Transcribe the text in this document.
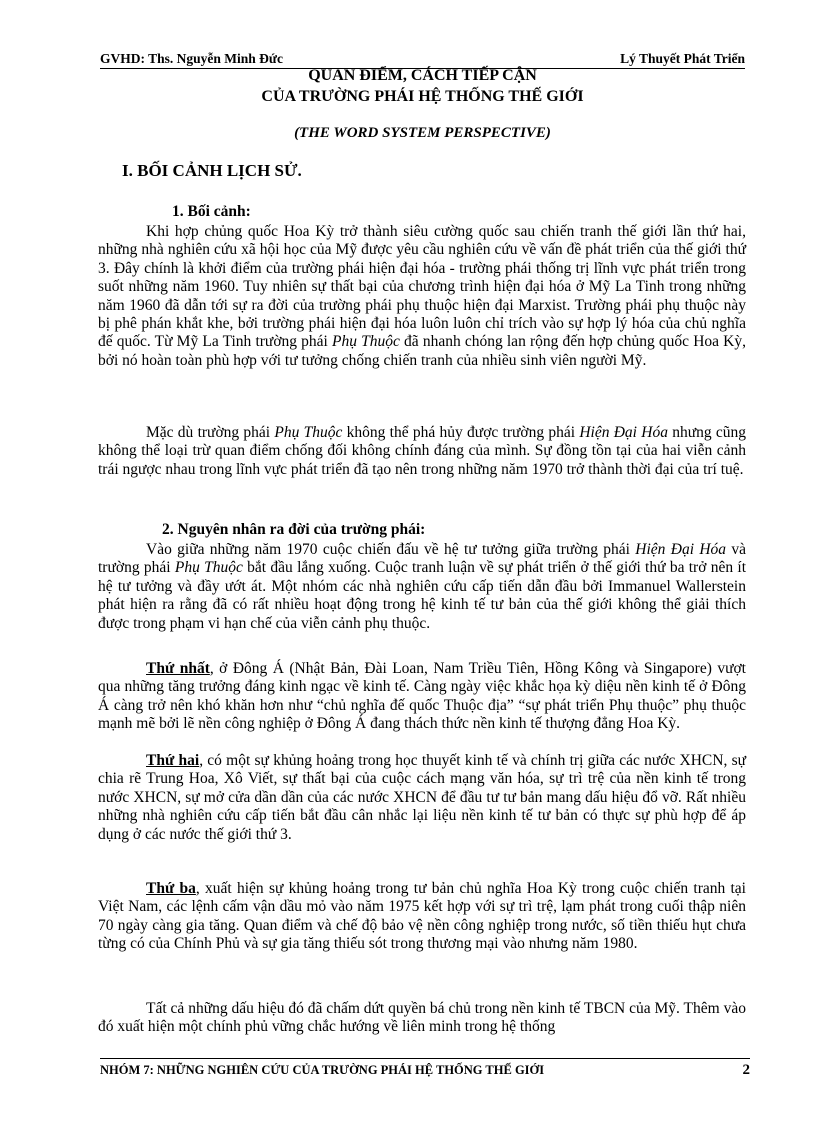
GVHD: Ths. Nguyễn Minh Đức	Lý Thuyết Phát Triển
QUAN ĐIỂM, CÁCH TIẾP CẬN
CỦA TRƯỜNG PHÁI HỆ THỐNG THẾ GIỚI
(THE WORD SYSTEM PERSPECTIVE)
I. BỐI CẢNH LỊCH SỬ.
1. Bối cảnh:

Khi hợp chủng quốc Hoa Kỳ trở thành siêu cường quốc sau chiến tranh thế giới lần thứ hai, những nhà nghiên cứu xã hội học của Mỹ được yêu cầu nghiên cứu về vấn đề phát triển của thế giới thứ 3. Đây chính là khởi điểm của trường phái hiện đại hóa - trường phái thống trị lĩnh vực phát triển trong suốt những năm 1960. Tuy nhiên sự thất bại của chương trình hiện đại hóa ở Mỹ La Tinh trong những năm 1960 đã dẫn tới sự ra đời của trường phái phụ thuộc hiện đại Marxist. Trường phái phụ thuộc này bị phê phán khắt khe, bởi trường phái hiện đại hóa luôn luôn chỉ trích vào sự hợp lý hóa của chủ nghĩa đế quốc. Từ Mỹ La Tinh trường phái Phụ Thuộc đã nhanh chóng lan rộng đến hợp chủng quốc Hoa Kỳ, bởi nó hoàn toàn phù hợp với tư tưởng chống chiến tranh của nhiều sinh viên người Mỹ.

Mặc dù trường phái Phụ Thuộc không thể phá hủy được trường phái Hiện Đại Hóa nhưng cũng không thể loại trừ quan điểm chống đối không chính đáng của mình. Sự đồng tồn tại của hai viễn cảnh trái ngược nhau trong lĩnh vực phát triển đã tạo nên trong những năm 1970 trở thành thời đại của trí tuệ.

2. Nguyên nhân ra đời của trường phái:

Vào giữa những năm 1970 cuộc chiến đấu về hệ tư tưởng giữa trường phái Hiện Đại Hóa và trường phái Phụ Thuộc bắt đầu lắng xuống. Cuộc tranh luận về sự phát triển ở thế giới thứ ba trở nên ít hệ tư tưởng và đầy ướt át. Một nhóm các nhà nghiên cứu cấp tiến dẫn đầu bởi Immanuel Wallerstein phát hiện ra rằng đã có rất nhiều hoạt động trong hệ kinh tế tư bản của thế giới không thể giải thích được trong phạm vi hạn chế của viễn cảnh phụ thuộc.

Thứ nhất, ở Đông Á (Nhật Bản, Đài Loan, Nam Triều Tiên, Hồng Kông và Singapore) vượt qua những tăng trưởng đáng kinh ngạc về kinh tế. Càng ngày việc khắc họa kỳ diệu nền kinh tế ở Đông Á càng trở nên khó khăn hơn như “chủ nghĩa đế quốc Thuộc địa” “sự phát triển Phụ thuộc” phụ thuộc mạnh mẽ bởi lẽ nền công nghiệp ở Đông Á đang thách thức nền kinh tế thượng đẳng Hoa Kỳ.

Thứ hai, có một sự khủng hoảng trong học thuyết kinh tế và chính trị giữa các nước XHCN, sự chia rẽ Trung Hoa, Xô Viết, sự thất bại của cuộc cách mạng văn hóa, sự trì trệ của nền kinh tế trong nước XHCN, sự mở cửa dần dần của các nước XHCN để đầu tư tư bản mang dấu hiệu đổ vỡ. Rất nhiều những nhà nghiên cứu cấp tiến bắt đầu cân nhắc lại liệu nền kinh tế tư bản có thực sự phù hợp để áp dụng ở các nước thế giới thứ 3.

Thứ ba, xuất hiện sự khủng hoảng trong tư bản chủ nghĩa Hoa Kỳ trong cuộc chiến tranh tại Việt Nam, các lệnh cấm vận dầu mỏ vào năm 1975 kết hợp với sự trì trệ, lạm phát trong cuối thập niên 70 ngày càng gia tăng. Quan điểm và chế độ bảo vệ nền công nghiệp trong nước, số tiền thiếu hụt chưa từng có của Chính Phủ và sự gia tăng thiếu sót trong thương mại vào nhưng năm 1980.

Tất cả những dấu hiệu đó đã chấm dứt quyền bá chủ trong nền kinh tế TBCN của Mỹ. Thêm vào đó xuất hiện một chính phủ vững chắc hướng về liên minh trong hệ thống

NHÓM 7: NHỮNG NGHIÊN CỨU CỦA TRƯỜNG PHÁI HỆ THỐNG THẾ GIỚI	2
